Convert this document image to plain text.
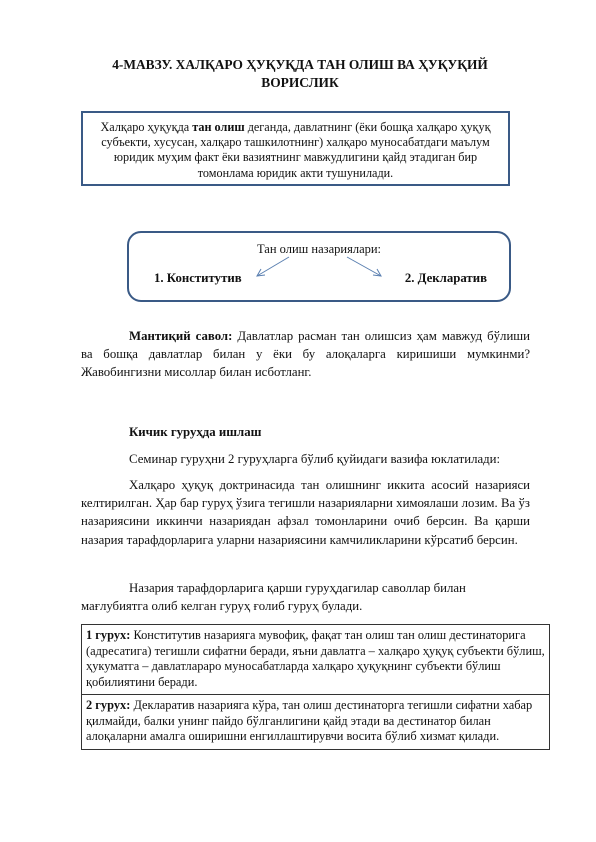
4-МАВЗУ. ХАЛҚАРО ҲУҚУҚДА ТАН ОЛИШ ВА ҲУҚУҚИЙ ВОРИСЛИК
Халқаро ҳуқуқда тан олиш деганда, давлатнинг (ёки бошқа халқаро ҳуқуқ субъекти, хусусан, халқаро ташкилотнинг) халқаро муносабатдаги маълум юридик муҳим факт ёки вазиятнинг мавжудлигини қайд этадиган бир томонлама юридик акти тушунилади.
Тан олиш назариялари:
1. Конститутив	2. Декларатив

Мантиқий савол: Давлатлар расман тан олишсиз ҳам мавжуд бўлиши ва бошқа давлатлар билан у ёки бу алоқаларга киришиши мумкинми? Жавобингизни мисоллар билан исботланг.

Кичик гуруҳда ишлаш

Семинар гуруҳни 2 гуруҳларга бўлиб қуйидаги вазифа юклатилади:

Халқаро ҳуқуқ доктринасида тан олишнинг иккита асосий назарияси келтирилган. Ҳар бар гуруҳ ўзига тегишли назарияларни химоялаши лозим. Ва ўз назариясини иккинчи назариядан афзал томонларини очиб берсин. Ва қарши назария тарафдорларига уларни назариясини камчиликларини кўрсатиб берсин.

Назария тарафдорларига қарши гуруҳдагилар саволлар билан мағлубиятга олиб келган гуруҳ ғолиб гуруҳ булади.

1 гурух: Конститутив назарияга мувофиқ, фақат тан олиш тан олиш дестинаторига (адресатига) тегишли сифатни беради, яъни давлатга – халқаро ҳуқуқ субъекти бўлиш, ҳукуматга – давлатлараро муносабатларда халқаро ҳуқуқнинг субъекти бўлиш қобилиятини беради.
2 гурух: Декларатив назарияга кўра, тан олиш дестинаторга тегишли сифатни хабар қилмайди, балки унинг пайдо бўлганлигини қайд этади ва дестинатор билан алоқаларни амалга оширишни енгиллаштирувчи восита бўлиб хизмат қилади.
